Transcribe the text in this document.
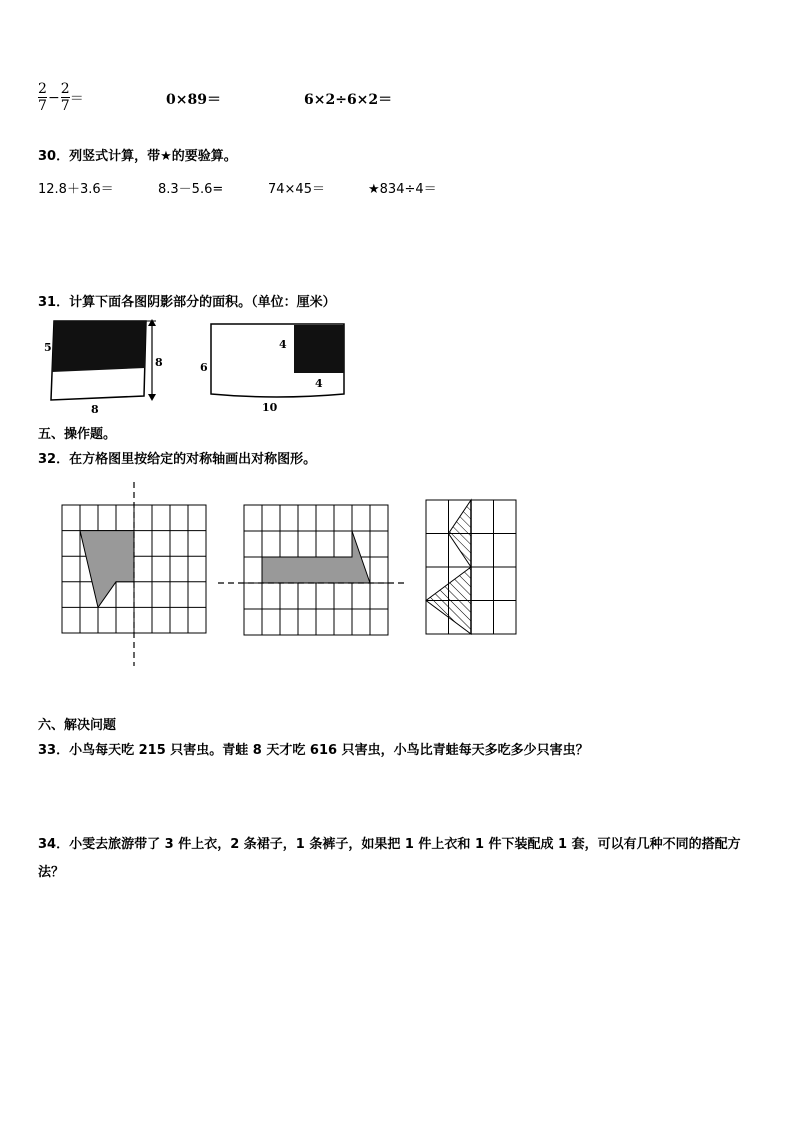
$\frac{2}{7} - \frac{2}{7}$ ＝	0×89＝	6×2÷6×2＝
30．列竖式计算，带★的要验算。
12.8＋3.6＝	8.3－5.6=	74×45＝	★834÷4＝
31．计算下面各图阴影部分的面积。（单位：厘米）
5
8
8
6
4
4
10
五、操作题。
32．在方格图里按给定的对称轴画出对称图形。
六、解决问题
33．小鸟每天吃 215 只害虫。青蛙 8 天才吃 616 只害虫，小鸟比青蛙每天多吃多少只害虫？
34．小雯去旅游带了 3 件上衣，2 条裙子，1 条裤子，如果把 1 件上衣和 1 件下装配成 1 套，可以有几种不同的搭配方
法？
